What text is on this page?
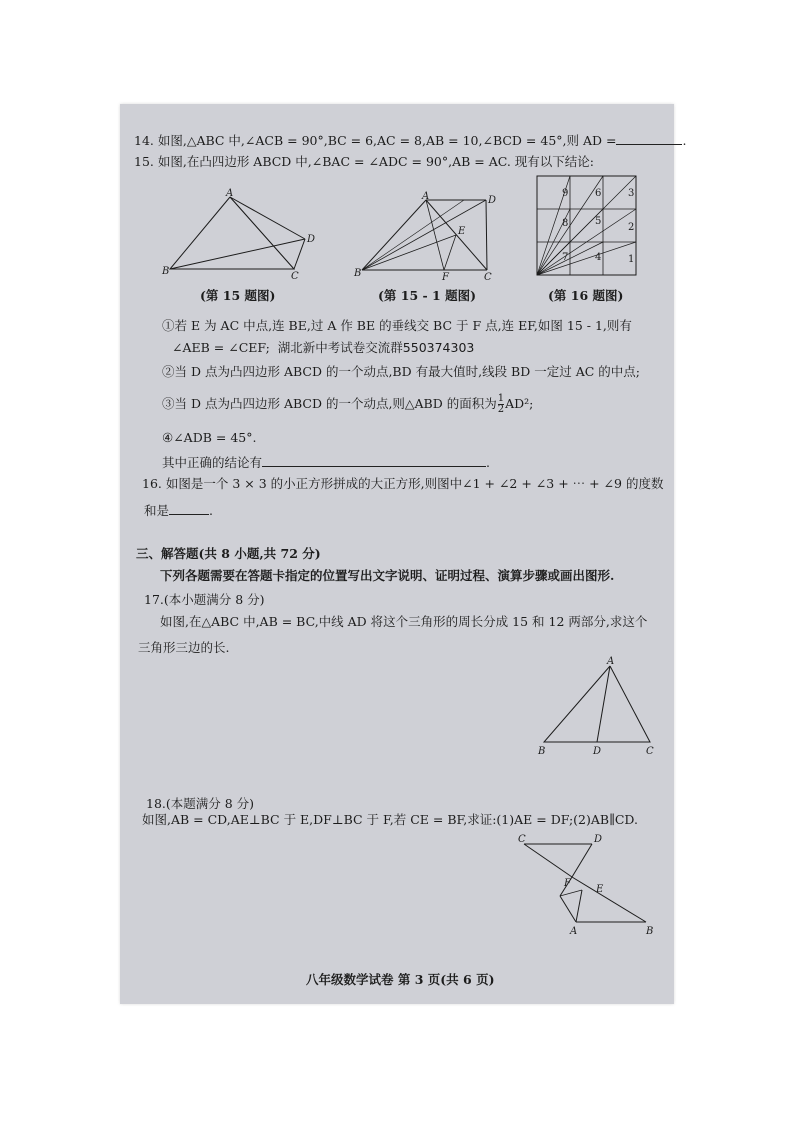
14. 如图,△ABC 中,∠ACB = 90°,BC = 6,AC = 8,AB = 10,∠BCD = 45°,则 AD =	.
15. 如图,在凸四边形 ABCD 中,∠BAC = ∠ADC = 90°,AB = AC. 现有以下结论:
A
B	C
D
A	D
E
B	F	C
1
2
3
4
5
6
7
8
9
(第 15 题图)	(第 15 - 1 题图)	(第 16 题图)
①若 E 为 AC 中点,连 BE,过 A 作 BE 的垂线交 BC 于 F 点,连 EF,如图 15 - 1,则有
∠AEB = ∠CEF; 湖北新中考试卷交流群550374303
②当 D 点为凸四边形 ABCD 的一个动点,BD 有最大值时,线段 BD 一定过 AC 的中点;
③当 D 点为凸四边形 ABCD 的一个动点,则△ABD 的面积为 $\frac{1}{2} AD^2$;
④∠ADB = 45°.
其中正确的结论有	.
16. 如图是一个 3 × 3 的小正方形拼成的大正方形,则图中∠1 + ∠2 + ∠3 + ⋯ + ∠9 的度数
和是	.
三、解答题(共 8 小题,共 72 分)
下列各题需要在答题卡指定的位置写出文字说明、证明过程、演算步骤或画出图形.
17.(本小题满分 8 分)
如图,在△ABC 中,AB = BC,中线 AD 将这个三角形的周长分成 15 和 12 两部分,求这个
三角形三边的长.
A
B	D	C
18.(本题满分 8 分)
如图,AB = CD,AE⊥BC 于 E,DF⊥BC 于 F,若 CE = BF,求证:(1)AE = DF;(2)AB∥CD.
C	D
F
E
A	B
八年级数学试卷 第 3 页(共 6 页)
